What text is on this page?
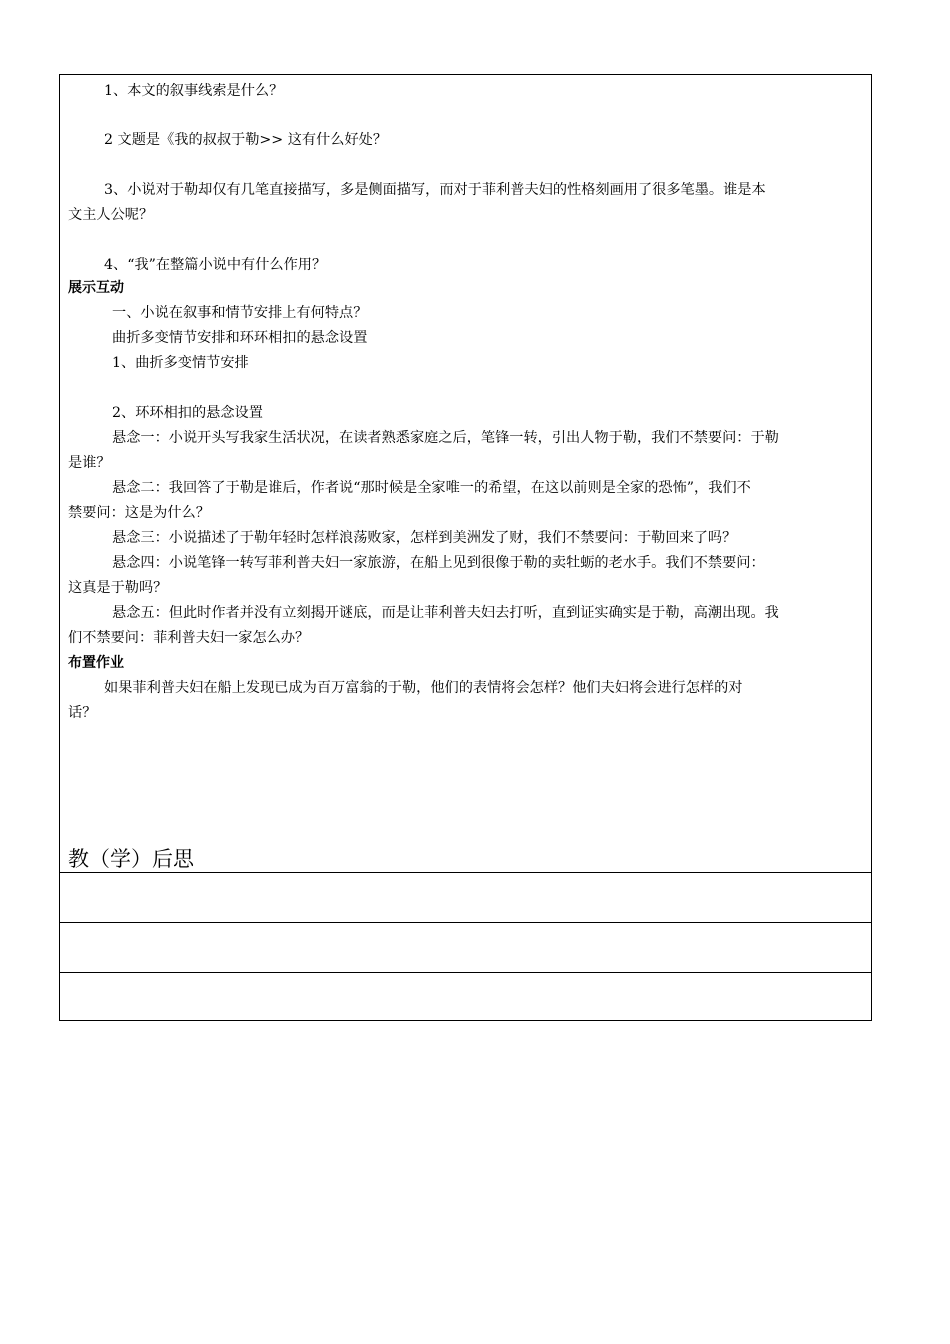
1、本文的叙事线索是什么？
2 文题是《我的叔叔于勒>> 这有什么好处？
3、小说对于勒却仅有几笔直接描写，多是侧面描写，而对于菲利普夫妇的性格刻画用了很多笔墨。谁是本
文主人公呢？
4、“我”在整篇小说中有什么作用？
展示互动
一、小说在叙事和情节安排上有何特点？
曲折多变情节安排和环环相扣的悬念设置
1、曲折多变情节安排
2、环环相扣的悬念设置
悬念一：小说开头写我家生活状况，在读者熟悉家庭之后，笔锋一转，引出人物于勒，我们不禁要问：于勒
是谁？
悬念二：我回答了于勒是谁后，作者说“那时候是全家唯一的希望，在这以前则是全家的恐怖”，我们不
禁要问：这是为什么？
悬念三：小说描述了于勒年轻时怎样浪荡败家，怎样到美洲发了财，我们不禁要问：于勒回来了吗？
悬念四：小说笔锋一转写菲利普夫妇一家旅游，在船上见到很像于勒的卖牡蛎的老水手。我们不禁要问：
这真是于勒吗？
悬念五：但此时作者并没有立刻揭开谜底，而是让菲利普夫妇去打听，直到证实确实是于勒，高潮出现。我
们不禁要问：菲利普夫妇一家怎么办？
布置作业
如果菲利普夫妇在船上发现已成为百万富翁的于勒，他们的表情将会怎样？他们夫妇将会进行怎样的对
话？
教（学）后思
